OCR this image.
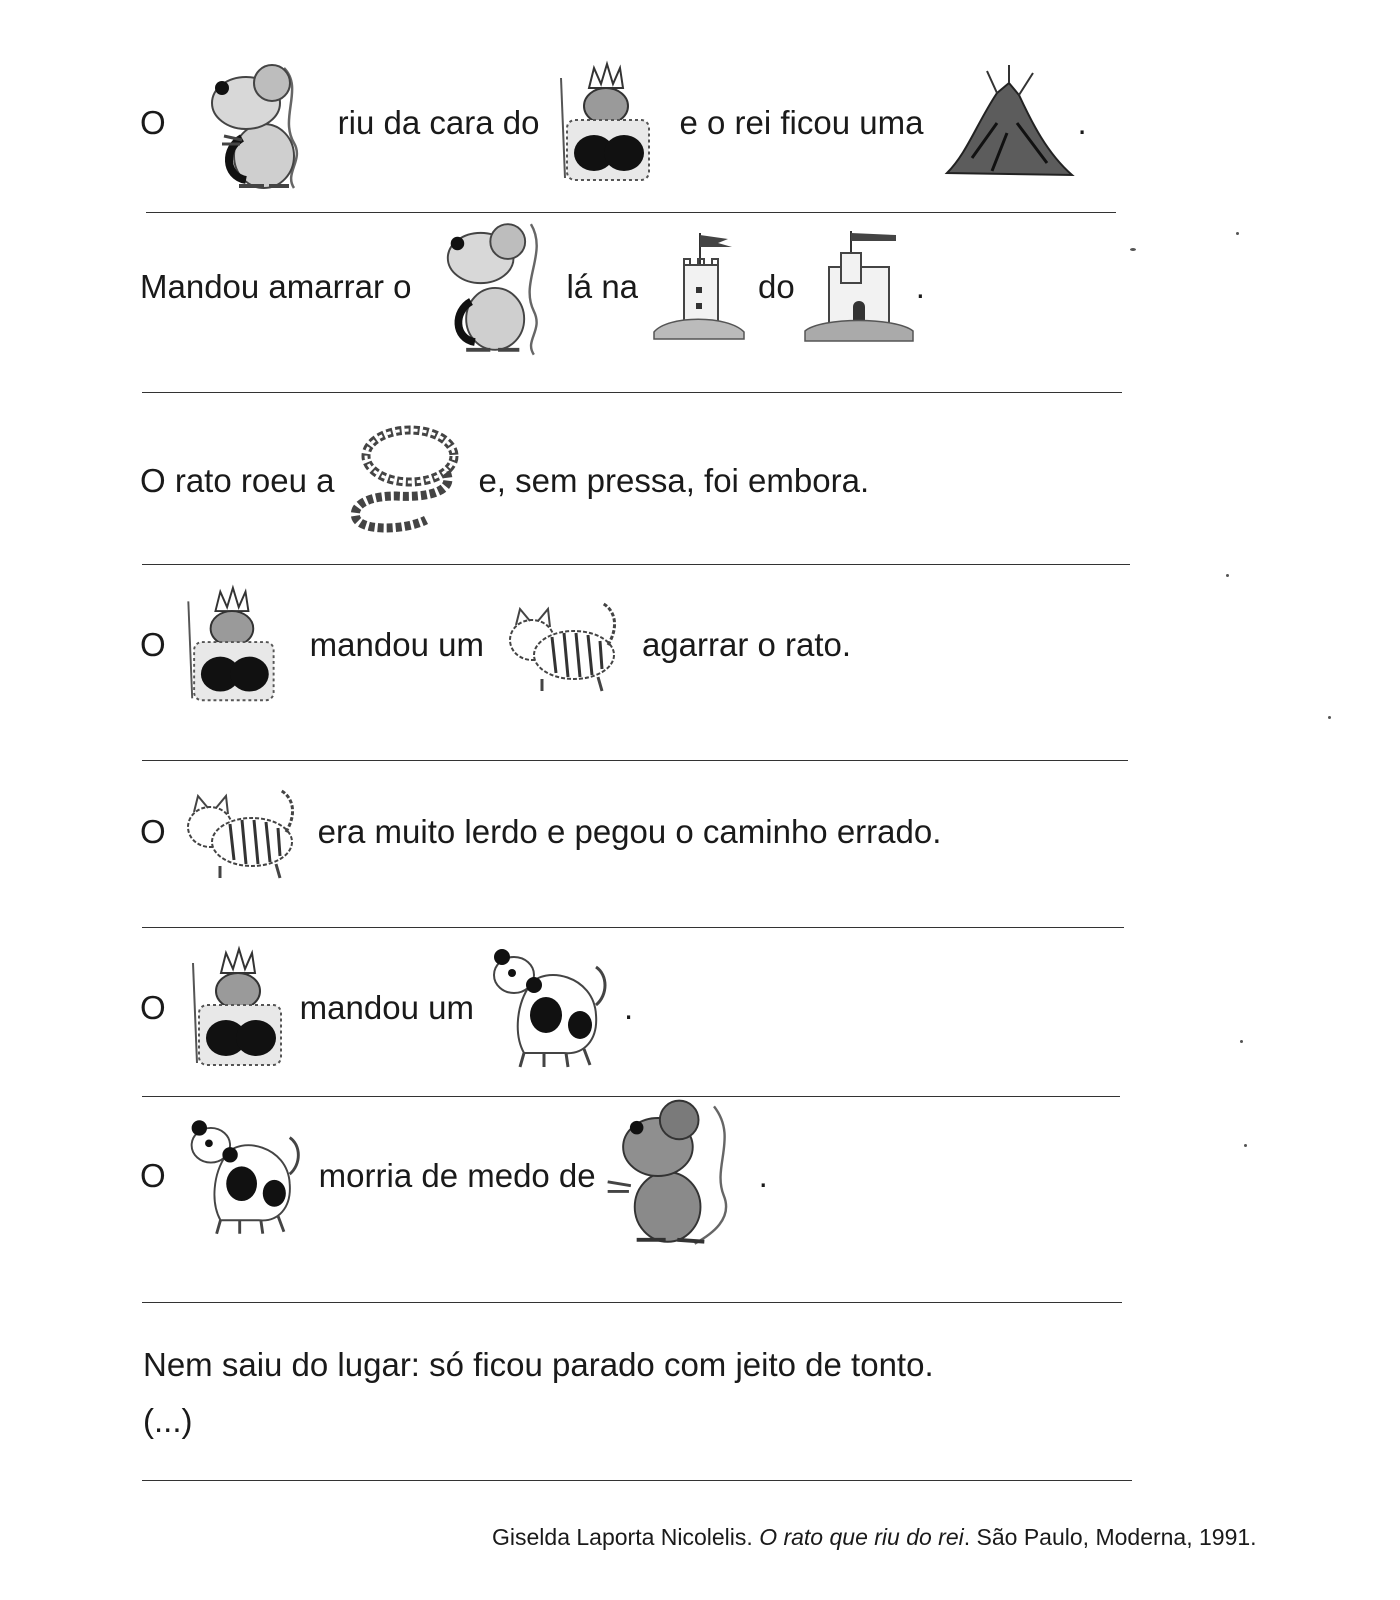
O	riu da cara do	e o rei ficou uma	.
Mandou amarrar o	lá na	do	.
O rato roeu a	e, sem pressa, foi embora.
O	mandou um	agarrar o rato.
O	era muito lerdo e pegou o caminho errado.
O	mandou um	.
O	morria de medo de	.
Nem saiu do lugar: só ficou parado com jeito de tonto.
(...)
Giselda Laporta Nicolelis. O rato que riu do rei. São Paulo, Moderna, 1991.
